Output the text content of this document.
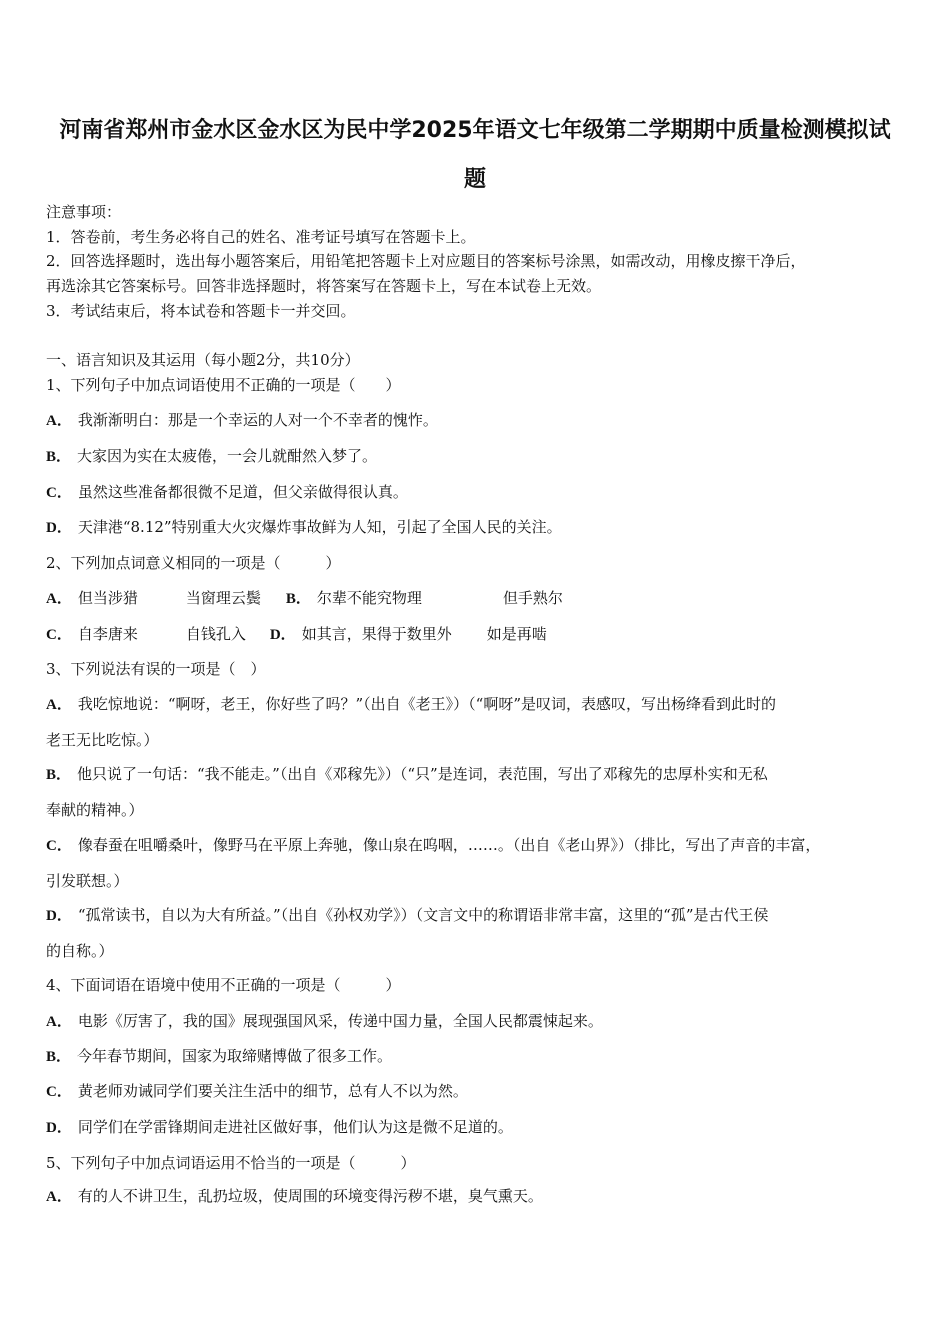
河南省郑州市金水区金水区为民中学2025年语文七年级第二学期期中质量检测模拟试
题
注意事项：
1．答卷前，考生务必将自己的姓名、准考证号填写在答题卡上。
2．回答选择题时，选出每小题答案后，用铅笔把答题卡上对应题目的答案标号涂黑，如需改动，用橡皮擦干净后，
再选涂其它答案标号。回答非选择题时，将答案写在答题卡上，写在本试卷上无效。
3．考试结束后，将本试卷和答题卡一并交回。
一、语言知识及其运用（每小题2分，共10分）
1、下列句子中加点词语使用不正确的一项是（　　）
A． 我渐渐明白：那是一个幸运的人对一个不幸者的愧怍。
B． 大家因为实在太疲倦，一会儿就酣然入梦了。
C． 虽然这些准备都很微不足道，但父亲做得很认真。
D． 天津港“8.12”特别重大火灾爆炸事故鲜为人知，引起了全国人民的关注。
2、下列加点词意义相同的一项是（　　　）
A． 但当涉猎	当窗理云鬓 B． 尔辈不能究物理	但手熟尔
C． 自李唐来	自钱孔入 D． 如其言，果得于数里外 如是再啮
3、下列说法有误的一项是（　）
A． 我吃惊地说：“啊呀，老王，你好些了吗？”（出自《老王》）（“啊呀”是叹词，表感叹，写出杨绛看到此时的
老王无比吃惊。）
B． 他只说了一句话：“我不能走。”（出自《邓稼先》）（“只”是连词，表范围，写出了邓稼先的忠厚朴实和无私
奉献的精神。）
C． 像春蚕在咀嚼桑叶，像野马在平原上奔驰，像山泉在呜咽，……。（出自《老山界》）（排比，写出了声音的丰富，
引发联想。）
D． “孤常读书，自以为大有所益。”（出自《孙权劝学》）（文言文中的称谓语非常丰富，这里的“孤”是古代王侯
的自称。）
4、下面词语在语境中使用不正确的一项是（　　　）
A． 电影《厉害了，我的国》展现强国风采，传递中国力量，全国人民都震悚起来。
B． 今年春节期间，国家为取缔赌博做了很多工作。
C． 黄老师劝诫同学们要关注生活中的细节，总有人不以为然。
D． 同学们在学雷锋期间走进社区做好事，他们认为这是微不足道的。
5、下列句子中加点词语运用不恰当的一项是（　　　）
A． 有的人不讲卫生，乱扔垃圾，使周围的环境变得污秽不堪，臭气熏天。
